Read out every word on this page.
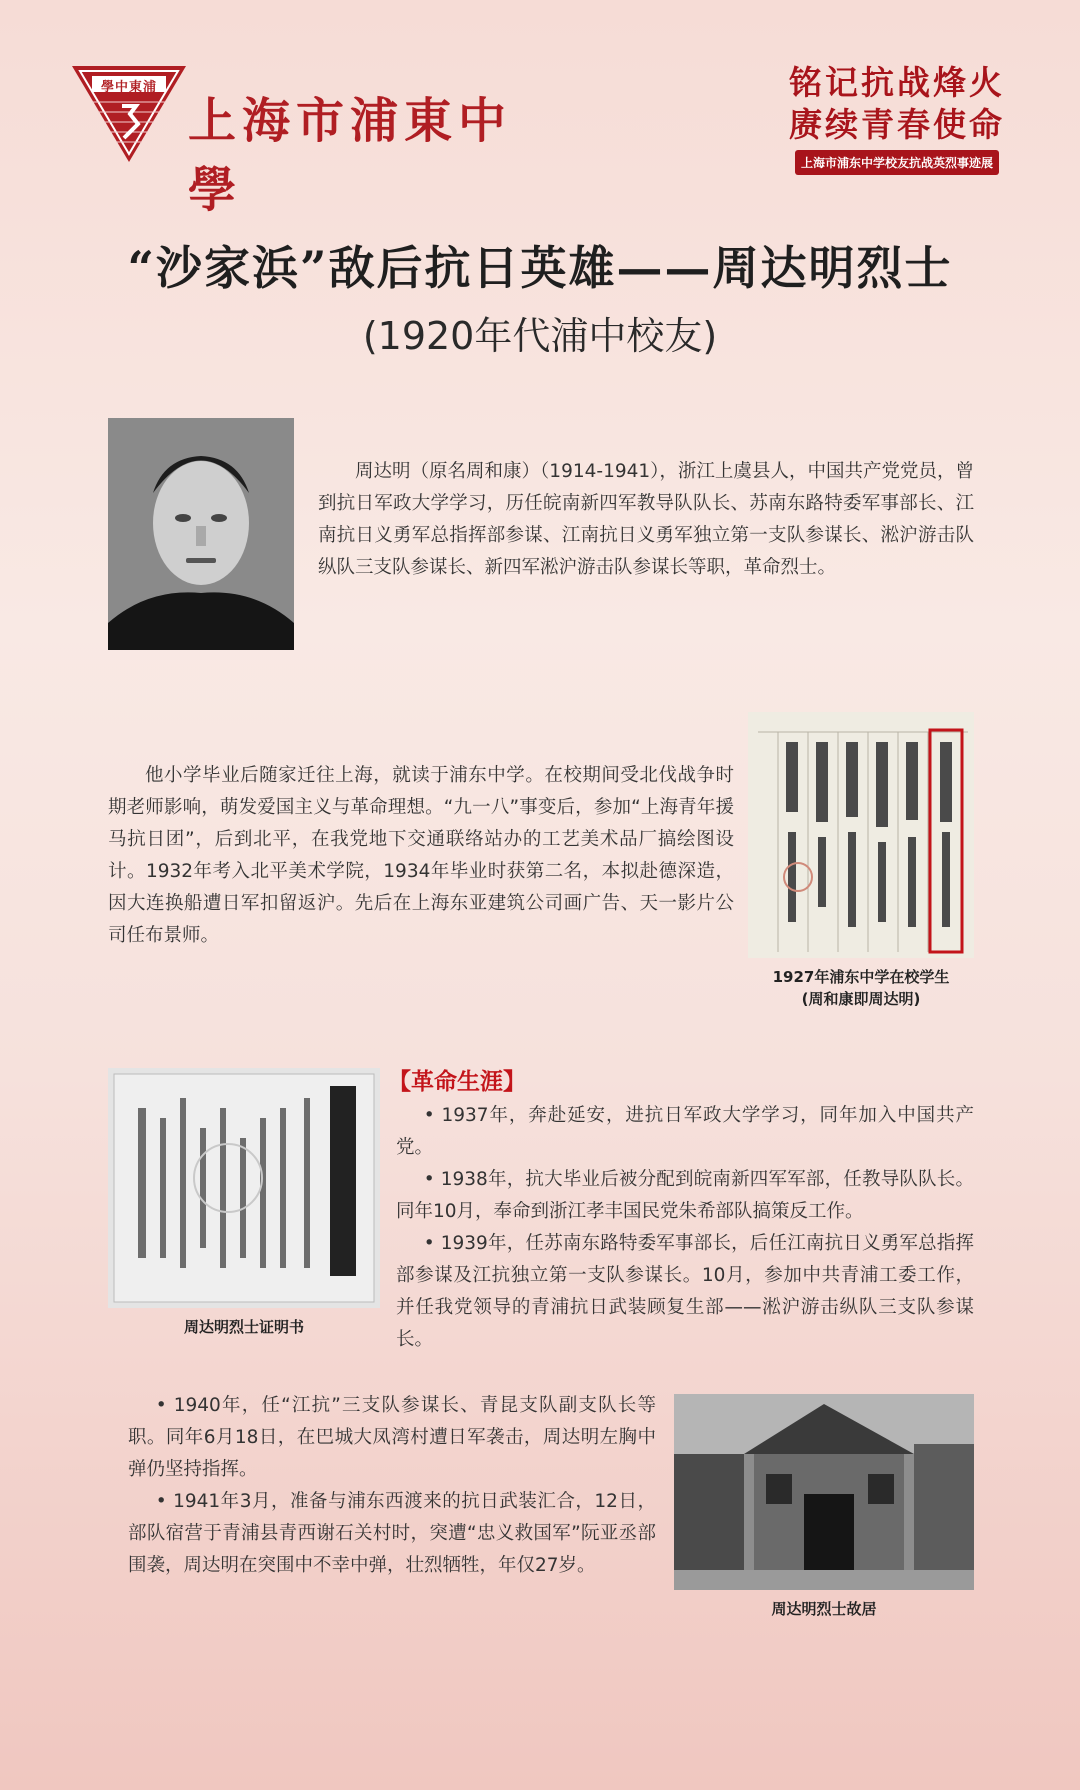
學中東浦
上海市浦東中學
铭记抗战烽火
赓续青春使命
上海市浦东中学校友抗战英烈事迹展
“沙家浜”敌后抗日英雄——周达明烈士
(1920年代浦中校友)
周达明（原名周和康）（1914-1941），浙江上虞县人，中国共产党党员，曾到抗日军政大学学习，历任皖南新四军教导队队长、苏南东路特委军事部长、江南抗日义勇军总指挥部参谋、江南抗日义勇军独立第一支队参谋长、淞沪游击队纵队三支队参谋长、新四军淞沪游击队参谋长等职，革命烈士。
他小学毕业后随家迁往上海，就读于浦东中学。在校期间受北伐战争时期老师影响，萌发爱国主义与革命理想。“九一八”事变后，参加“上海青年援马抗日团”，后到北平，在我党地下交通联络站办的工艺美术品厂搞绘图设计。1932年考入北平美术学院，1934年毕业时获第二名，本拟赴德深造，因大连换船遭日军扣留返沪。先后在上海东亚建筑公司画广告、天一影片公司任布景师。
1927年浦东中学在校学生
(周和康即周达明)
周达明烈士证明书
【革命生涯】
• 1937年，奔赴延安，进抗日军政大学学习，同年加入中国共产党。
• 1938年，抗大毕业后被分配到皖南新四军军部，任教导队队长。同年10月，奉命到浙江孝丰国民党朱希部队搞策反工作。
• 1939年，任苏南东路特委军事部长，后任江南抗日义勇军总指挥部参谋及江抗独立第一支队参谋长。10月，参加中共青浦工委工作，并任我党领导的青浦抗日武装顾复生部——淞沪游击纵队三支队参谋长。
• 1940年，任“江抗”三支队参谋长、青昆支队副支队长等职。同年6月18日，在巴城大凤湾村遭日军袭击，周达明左胸中弹仍坚持指挥。
• 1941年3月，准备与浦东西渡来的抗日武装汇合，12日，部队宿营于青浦县青西谢石关村时，突遭“忠义救国军”阮亚丞部围袭，周达明在突围中不幸中弹，壮烈牺牲，年仅27岁。
周达明烈士故居
